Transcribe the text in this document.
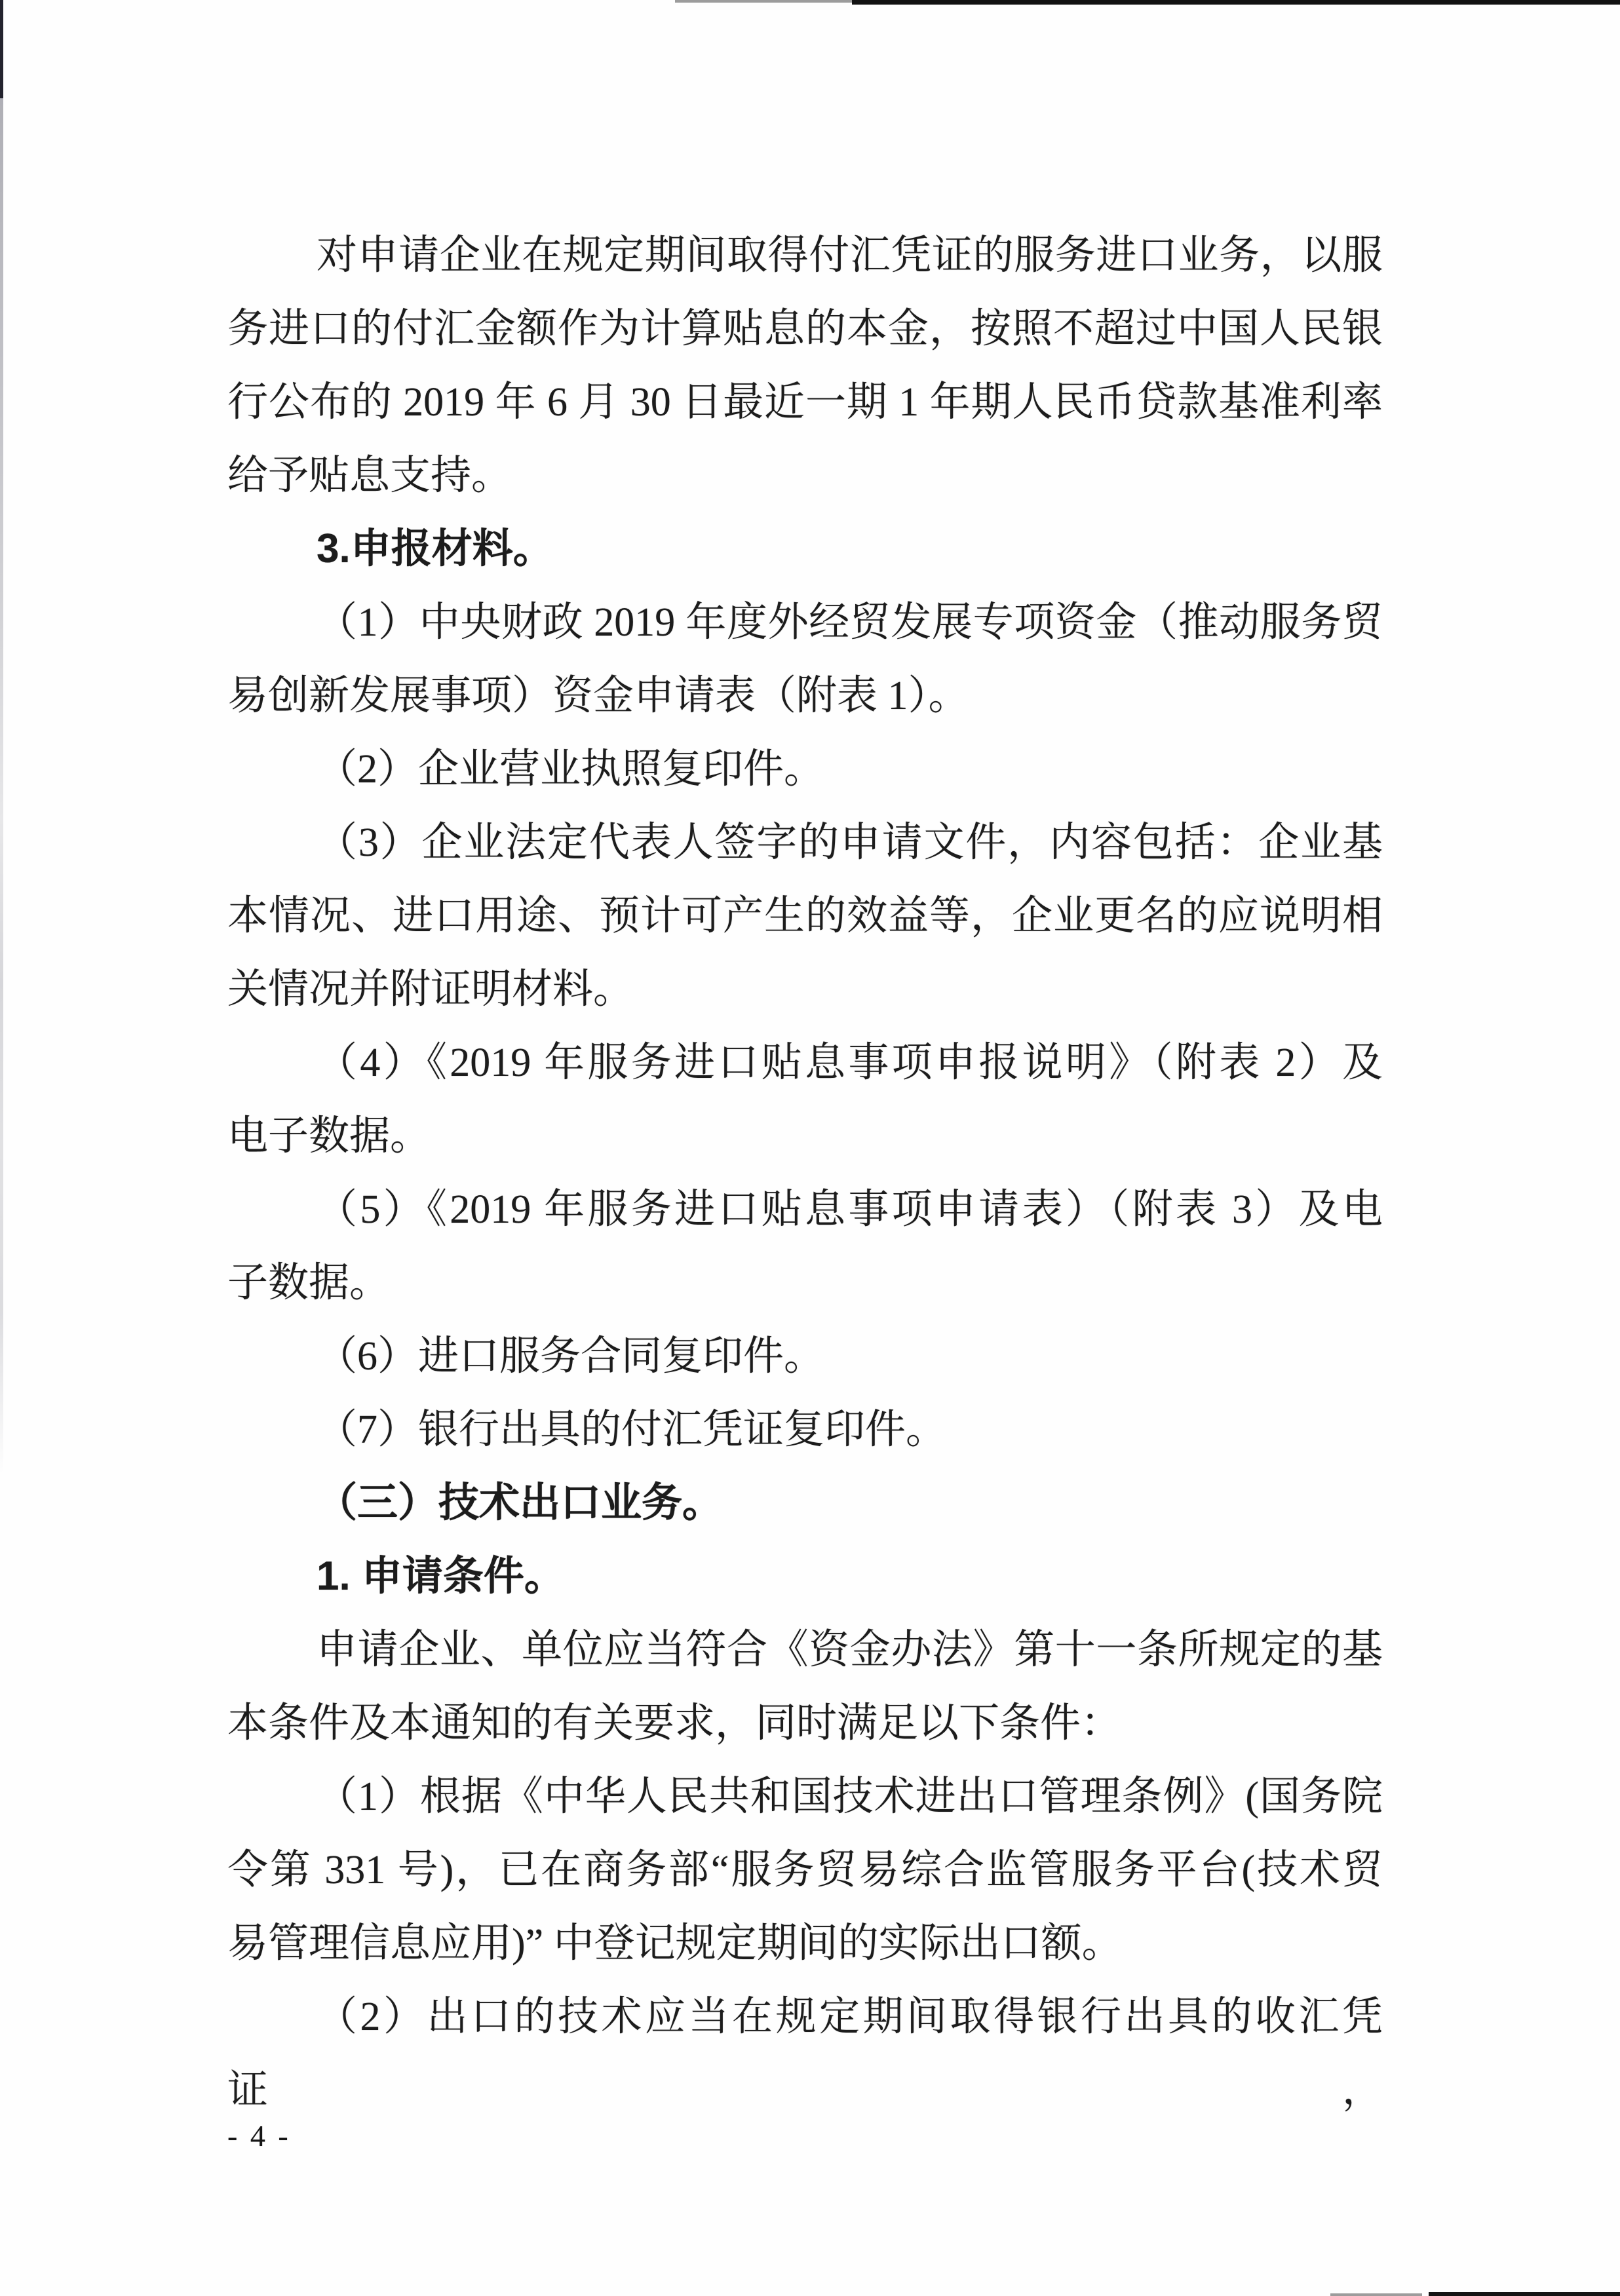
对申请企业在规定期间取得付汇凭证的服务进口业务，以服
务进口的付汇金额作为计算贴息的本金，按照不超过中国人民银
行公布的 2019 年 6 月 30 日最近一期 1 年期人民币贷款基准利率
给予贴息支持。
3.申报材料。
（1）中央财政 2019 年度外经贸发展专项资金（推动服务贸
易创新发展事项）资金申请表（附表 1）。
（2）企业营业执照复印件。
（3）企业法定代表人签字的申请文件，内容包括：企业基
本情况、进口用途、预计可产生的效益等，企业更名的应说明相
关情况并附证明材料。
（4）《2019 年服务进口贴息事项申报说明》（附表 2）及
电子数据。
（5）《2019 年服务进口贴息事项申请表）（附表 3）及电
子数据。
（6）进口服务合同复印件。
（7）银行出具的付汇凭证复印件。
（三）技术出口业务。
1. 申请条件。
申请企业、单位应当符合《资金办法》第十一条所规定的基
本条件及本通知的有关要求，同时满足以下条件：
（1）根据《中华人民共和国技术进出口管理条例》(国务院
令第 331 号)，已在商务部“服务贸易综合监管服务平台(技术贸
易管理信息应用)” 中登记规定期间的实际出口额。
（2）出口的技术应当在规定期间取得银行出具的收汇凭证，
- 4 -
